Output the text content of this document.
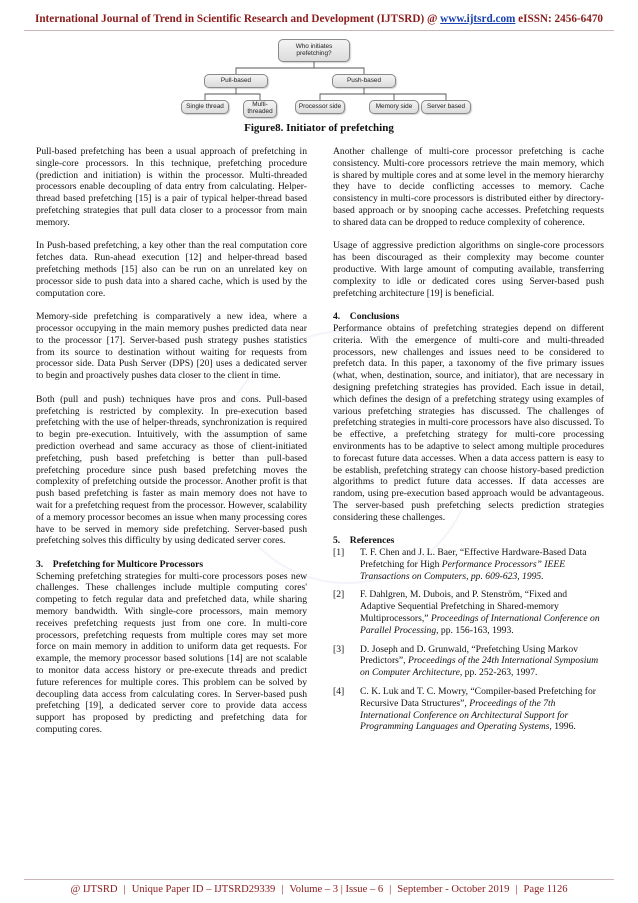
International Journal of Trend in Scientific Research and Development (IJTSRD) @ www.ijtsrd.com eISSN: 2456-6470
Who initiates prefetching?
Pull-based	Push-based
Single thread	Multi-threaded
Processor side	Memory side	Server based
Figure8. Initiator of prefetching

Pull-based prefetching has been a usual approach of prefetching in single-core processors. In this technique, prefetching procedure (prediction and initiation) is within the processor. Multi-threaded processors enable decoupling of data entry from calculating. Helper-thread based prefetching [15] is a pair of typical helper-thread based prefetching strategies that pull data closer to a processor from main memory.

In Push-based prefetching, a key other than the real computation core fetches data. Run-ahead execution [12] and helper-thread based prefetching methods [15] also can be run on an unrelated key on processor side to push data into a shared cache, which is used by the computation core.

Memory-side prefetching is comparatively a new idea, where a processor occupying in the main memory pushes predicted data near to the processor [17]. Server-based push strategy pushes statistics from its source to destination without waiting for requests from processor side. Data Push Server (DPS) [20] uses a dedicated server to begin and proactively pushes data closer to the client in time.

Both (pull and push) techniques have pros and cons. Pull-based prefetching is restricted by complexity. In pre-execution based prefetching with the use of helper-threads, synchronization is required to begin pre-execution. Intuitively, with the assumption of same prediction overhead and same accuracy as those of client-initiated prefetching, push based prefetching is better than pull-based prefetching procedure since push based prefetching moves the complexity of prefetching outside the processor. Another profit is that push based prefetching is faster as main memory does not have to wait for a prefetching request from the processor. However, scalability of a memory processor becomes an issue when many processing cores have to be served in memory side prefetching. Server-based push prefetching solves this difficulty by using dedicated server cores.

3.    Prefetching for Multicore Processors

Scheming prefetching strategies for multi-core processors poses new challenges. These challenges include multiple computing cores' competing to fetch regular data and prefetched data, while sharing memory bandwidth. With single-core processors, main memory receives prefetching requests just from one core. In multi-core processors, prefetching requests from multiple cores may set more force on main memory in addition to uniform data get requests. For example, the memory processor based solutions [14] are not scalable to monitor data access history or pre-execute threads and predict future references for multiple cores. This problem can be solved by decoupling data access from calculating cores. In Server-based push prefetching [19], a dedicated server core to provide data access support has proposed by predicting and prefetching data for computing cores.

Another challenge of multi-core processor prefetching is cache consistency. Multi-core processors retrieve the main memory, which is shared by multiple cores and at some level in the memory hierarchy they have to decide conflicting accesses to memory. Cache consistency in multi-core processors is distributed either by directory-based approach or by snooping cache accesses. Prefetching requests to shared data can be dropped to reduce complexity of coherence.

Usage of aggressive prediction algorithms on single-core processors has been discouraged as their complexity may become counter productive. With large amount of computing available, transferring complexity to idle or dedicated cores using Server-based push prefetching architecture [19] is beneficial.

4.    Conclusions

Performance obtains of prefetching strategies depend on different criteria. With the emergence of multi-core and multi-threaded processors, new challenges and issues need to be considered to prefetch data. In this paper, a taxonomy of the five primary issues (what, when, destination, source, and initiator), that are necessary in designing prefetching strategies has provided. Each issue in detail, which defines the design of a prefetching strategy using examples of various prefetching strategies has discussed. The challenges of prefetching strategies in multi-core processors have also discussed. To be effective, a prefetching strategy for multi-core processing environments has to be adaptive to select among multiple procedures to forecast future data accesses. When a data access pattern is easy to be establish, prefetching strategy can choose history-based prediction algorithms to predict future data accesses. If data accesses are random, using pre-execution based approach would be advantageous. The server-based push prefetching selects prediction strategies considering these challenges.

5.    References
[1] T. F. Chen and J. L. Baer, “Effective Hardware-Based Data Prefetching for High Performance Processors” IEEE Transactions on Computers, pp. 609-623, 1995.
[2] F. Dahlgren, M. Dubois, and P. Stenström, “Fixed and Adaptive Sequential Prefetching in Shared-memory Multiprocessors,” Proceedings of International Conference on Parallel Processing, pp. 156-163, 1993.
[3] D. Joseph and D. Grunwald, “Prefetching Using Markov Predictors”, Proceedings of the 24th International Symposium on Computer Architecture, pp. 252-263, 1997.
[4] C. K. Luk and T. C. Mowry, “Compiler-based Prefetching for Recursive Data Structures”, Proceedings of the 7th International Conference on Architectural Support for Programming Languages and Operating Systems, 1996.
@ IJTSRD | Unique Paper ID – IJTSRD29339 | Volume – 3 | Issue – 6 | September - October 2019 | Page 1126
